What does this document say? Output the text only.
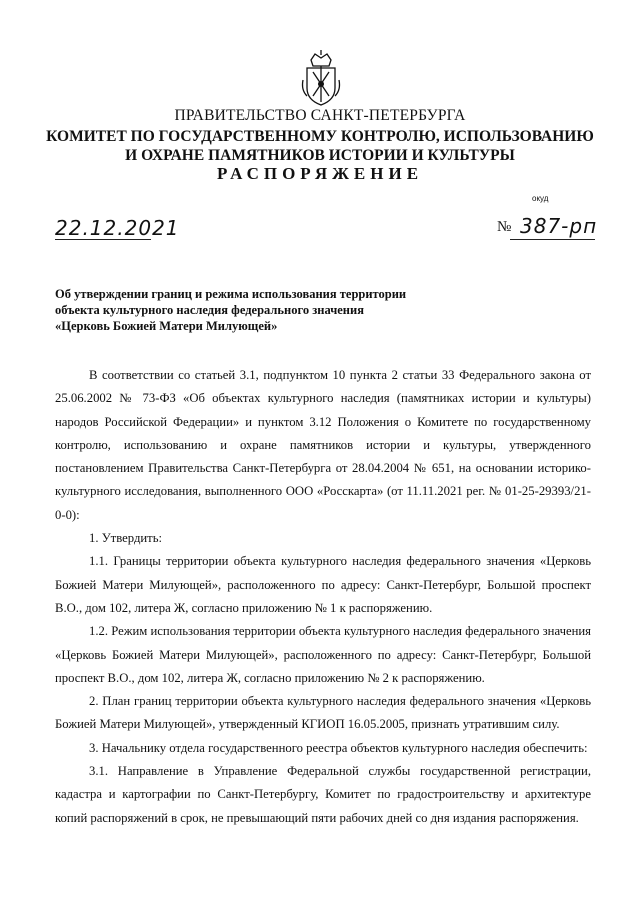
ПРАВИТЕЛЬСТВО САНКТ-ПЕТЕРБУРГА
КОМИТЕТ ПО ГОСУДАРСТВЕННОМУ КОНТРОЛЮ, ИСПОЛЬЗОВАНИЮ
И ОХРАНЕ ПАМЯТНИКОВ ИСТОРИИ И КУЛЬТУРЫ
РАСПОРЯЖЕНИЕ
окуд
22.12.2021	№ 387-рп
Об утверждении границ и режима использования территории
объекта культурного наследия федерального значения
«Церковь Божией Матери Милующей»

В соответствии со статьей 3.1, подпунктом 10 пункта 2 статьи 33 Федерального закона от 25.06.2002 № 73-ФЗ «Об объектах культурного наследия (памятниках истории и культуры) народов Российской Федерации» и пунктом 3.12 Положения о Комитете по государственному контролю, использованию и охране памятников истории и культуры, утвержденного постановлением Правительства Санкт-Петербурга от 28.04.2004 № 651, на основании историко-культурного исследования, выполненного ООО «Росскарта» (от 11.11.2021 рег. № 01-25-29393/21-0-0):

1. Утвердить:

1.1. Границы территории объекта культурного наследия федерального значения «Церковь Божией Матери Милующей», расположенного по адресу: Санкт-Петербург, Большой проспект В.О., дом 102, литера Ж, согласно приложению № 1 к распоряжению.

1.2. Режим использования территории объекта культурного наследия федерального значения «Церковь Божией Матери Милующей», расположенного по адресу: Санкт-Петербург, Большой проспект В.О., дом 102, литера Ж, согласно приложению № 2 к распоряжению.

2. План границ территории объекта культурного наследия федерального значения «Церковь Божией Матери Милующей», утвержденный КГИОП 16.05.2005, признать утратившим силу.

3. Начальнику отдела государственного реестра объектов культурного наследия обеспечить:

3.1. Направление в Управление Федеральной службы государственной регистрации, кадастра и картографии по Санкт-Петербургу, Комитет по градостроительству и архитектуре копий распоряжений в срок, не превышающий пяти рабочих дней со дня издания распоряжения.
